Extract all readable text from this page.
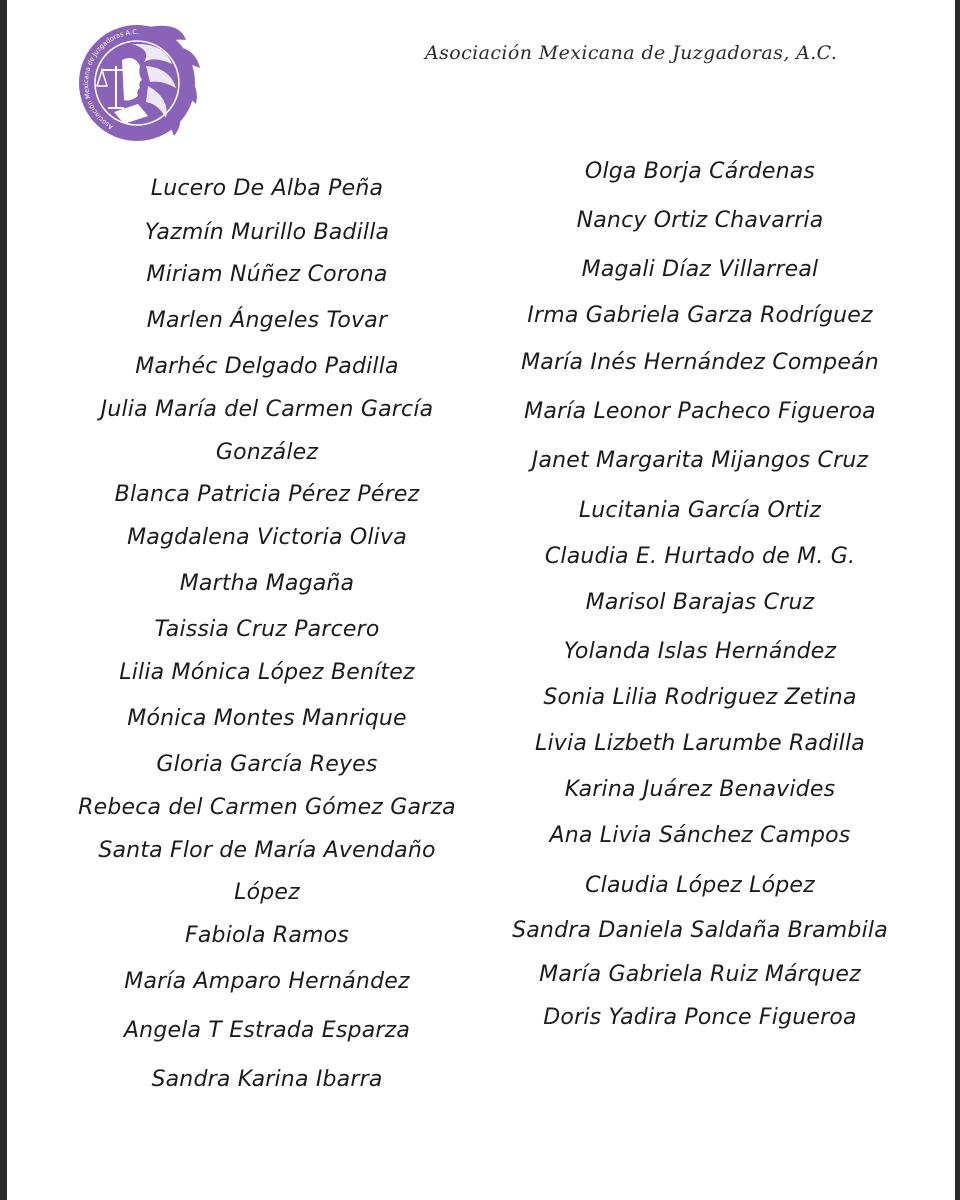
Asociación Mexicana de Juzgadoras A.C.
Asociación Mexicana de Juzgadoras, A.C.
Lucero De Alba Peña
Yazmín Murillo Badilla
Miriam Núñez Corona
Marlen Ángeles Tovar
Marhéc Delgado Padilla
Julia María del Carmen García
González
Blanca Patricia Pérez Pérez
Magdalena Victoria Oliva
Martha Magaña
Taissia Cruz Parcero
Lilia Mónica López Benítez
Mónica Montes Manrique
Gloria García Reyes
Rebeca del Carmen Gómez Garza
Santa Flor de María Avendaño
López
Fabiola Ramos
María Amparo Hernández
Angela T Estrada Esparza
Sandra Karina Ibarra
Olga Borja Cárdenas
Nancy Ortiz Chavarria
Magali Díaz Villarreal
Irma Gabriela Garza Rodríguez
María Inés Hernández Compeán
María Leonor Pacheco Figueroa
Janet Margarita Mijangos Cruz
Lucitania García Ortiz
Claudia E. Hurtado de M. G.
Marisol Barajas Cruz
Yolanda Islas Hernández
Sonia Lilia Rodriguez Zetina
Livia Lizbeth Larumbe Radilla
Karina Juárez Benavides
Ana Livia Sánchez Campos
Claudia López López
Sandra Daniela Saldaña Brambila
María Gabriela Ruiz Márquez
Doris Yadira Ponce Figueroa
